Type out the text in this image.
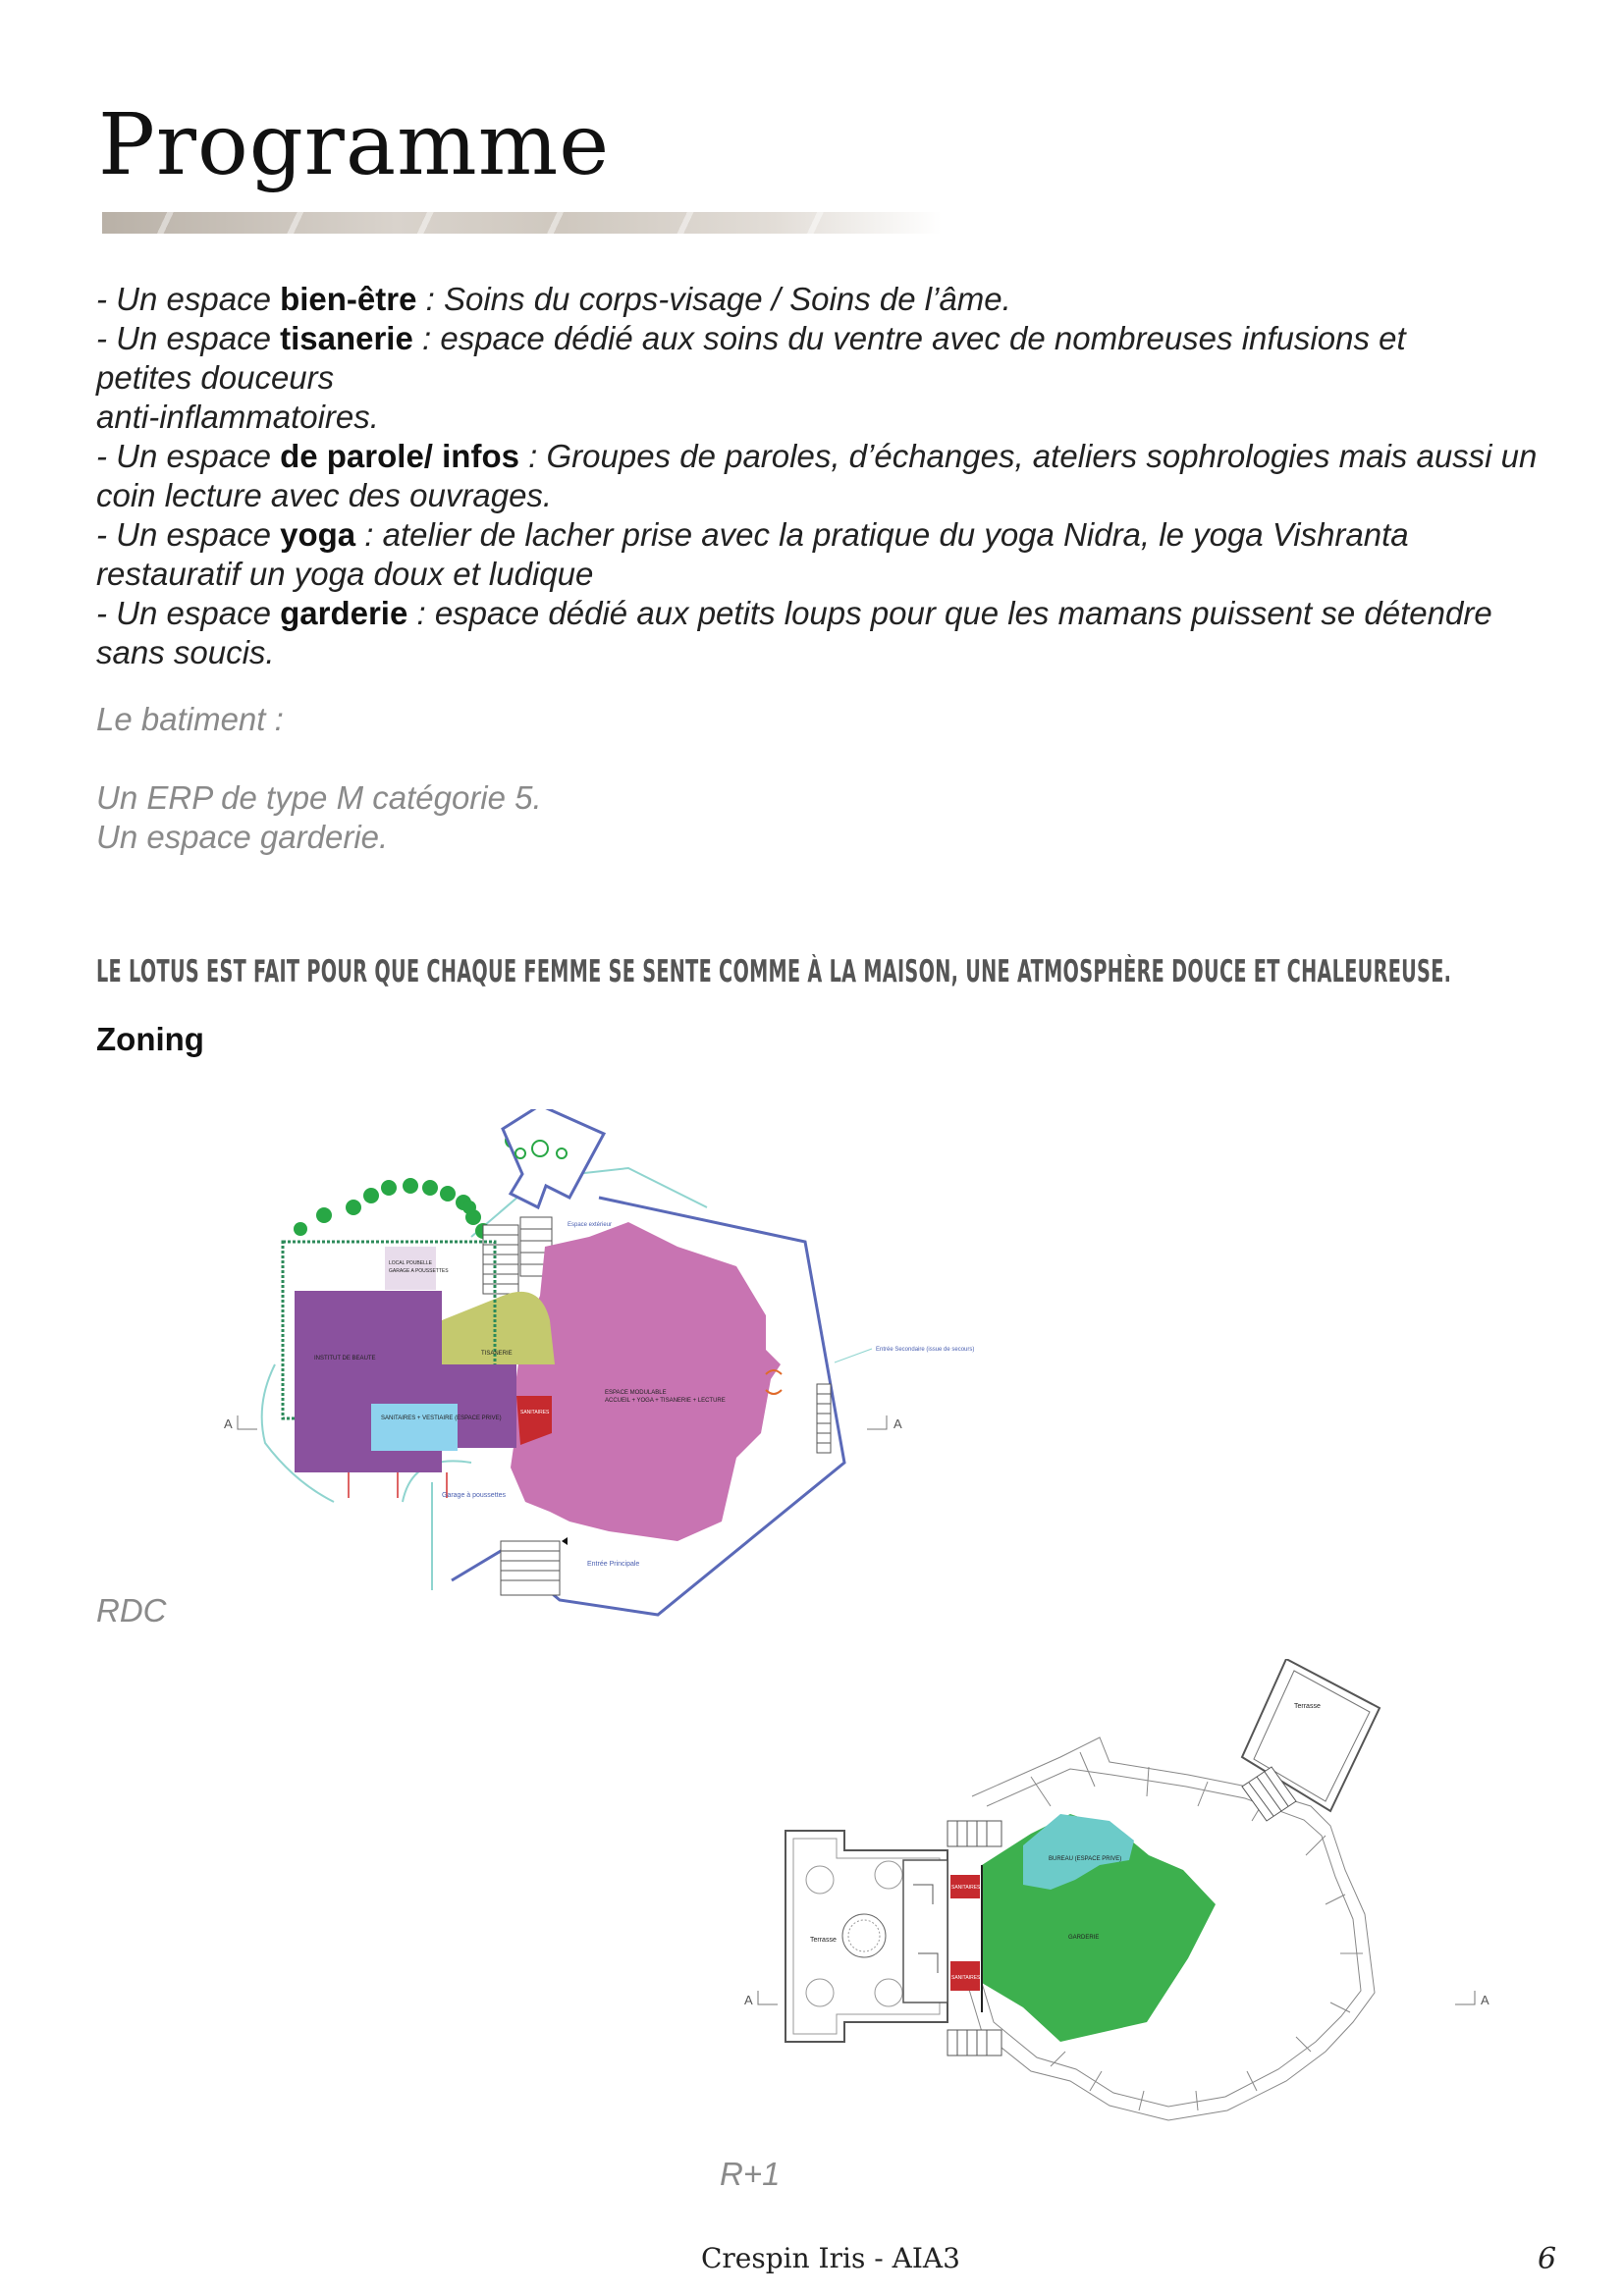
Programme
- Un espace bien-être : Soins du corps-visage / Soins de l’âme.
- Un espace tisanerie : espace dédié aux soins du ventre avec de nombreuses infusions et petites douceurs
anti-inflammatoires.
- Un espace de parole/ infos : Groupes de paroles, d’échanges, ateliers sophrologies mais aussi un coin lecture avec des ouvrages.
- Un espace yoga : atelier de lacher prise avec la pratique du yoga Nidra, le yoga Vishranta restauratif un yoga doux et ludique
- Un espace garderie : espace dédié aux petits loups pour que les mamans puissent se détendre sans soucis.
Le batiment :
Un ERP de type M catégorie 5.
Un espace garderie.
LE LOTUS EST FAIT POUR QUE CHAQUE FEMME SE SENTE COMME À LA MAISON, UNE ATMOSPHÈRE DOUCE ET CHALEUREUSE.
Zoning
INSTITUT DE BEAUTE
SANITAIRES + VESTIAIRE (ESPACE PRIVE)
TISANERIE
ESPACE MODULABLE
ACCUEIL + YOGA + TISANERIE + LECTURE
SANITAIRES
LOCAL POUBELLE
GARAGE A POUSSETTES
Entrée Principale
Entrée Secondaire (issue de secours)
Garage à poussettes
Espace extérieur
A	A
RDC
Terrasse
Terrasse
BUREAU (ESPACE PRIVE)
GARDERIE
SANITAIRES
SANITAIRES
A	A
R+1
Crespin Iris - AIA3	6
